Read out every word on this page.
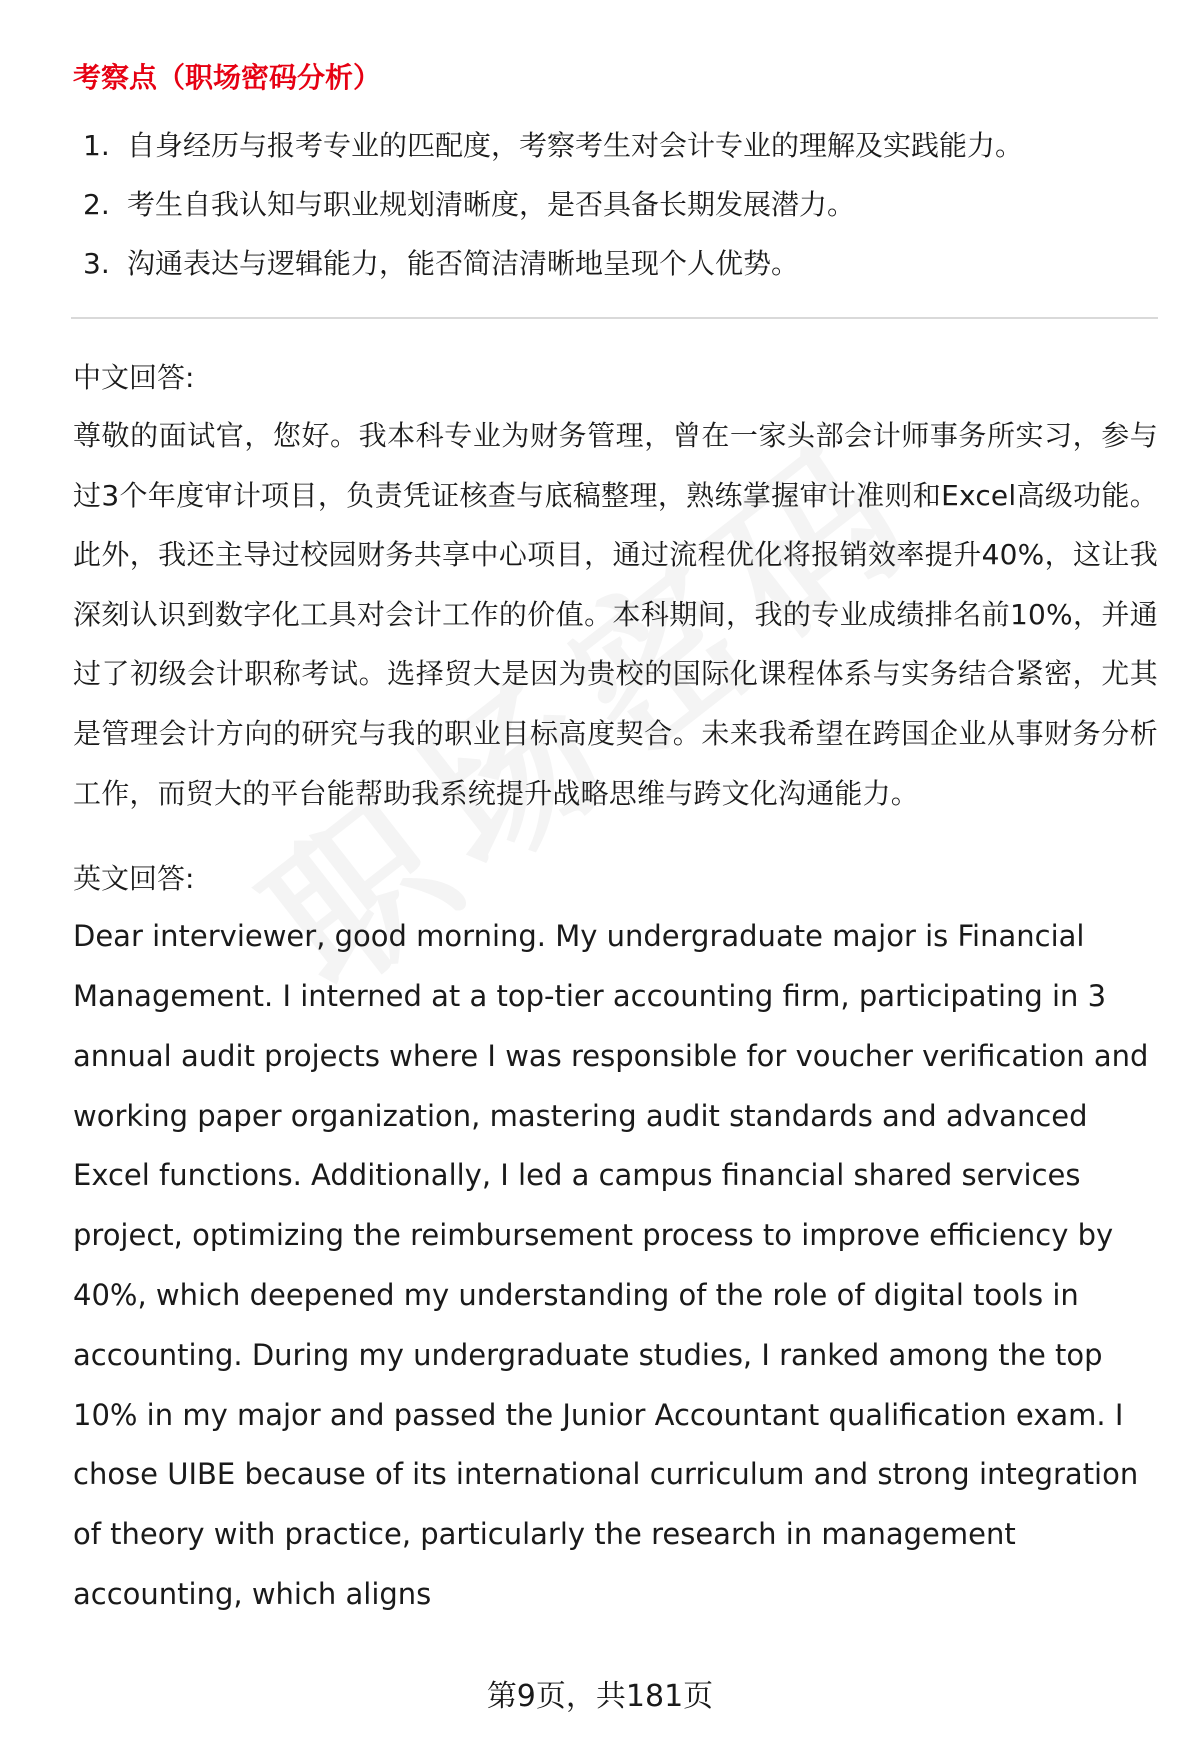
考察点（职场密码分析）
1. 自身经历与报考专业的匹配度，考察考生对会计专业的理解及实践能力。
2. 考生自我认知与职业规划清晰度，是否具备长期发展潜力。
3. 沟通表达与逻辑能力，能否简洁清晰地呈现个人优势。
中文回答:

尊敬的面试官，您好。我本科专业为财务管理，曾在一家头部会计师事务所实习，参与过3个年度审计项目，负责凭证核查与底稿整理，熟练掌握审计准则和Excel高级功能。此外，我还主导过校园财务共享中心项目，通过流程优化将报销效率提升40%，这让我深刻认识到数字化工具对会计工作的价值。本科期间，我的专业成绩排名前10%，并通过了初级会计职称考试。选择贸大是因为贵校的国际化课程体系与实务结合紧密，尤其是管理会计方向的研究与我的职业目标高度契合。未来我希望在跨国企业从事财务分析工作，而贸大的平台能帮助我系统提升战略思维与跨文化沟通能力。

英文回答:

Dear interviewer, good morning. My undergraduate major is Financial Management. I interned at a top-tier accounting firm, participating in 3 annual audit projects where I was responsible for voucher verification and working paper organization, mastering audit standards and advanced Excel functions. Additionally, I led a campus financial shared services project, optimizing the reimbursement process to improve efficiency by 40%, which deepened my understanding of the role of digital tools in accounting. During my undergraduate studies, I ranked among the top 10% in my major and passed the Junior Accountant qualification exam. I chose UIBE because of its international curriculum and strong integration of theory with practice, particularly the research in management accounting, which aligns

第9页，共181页
